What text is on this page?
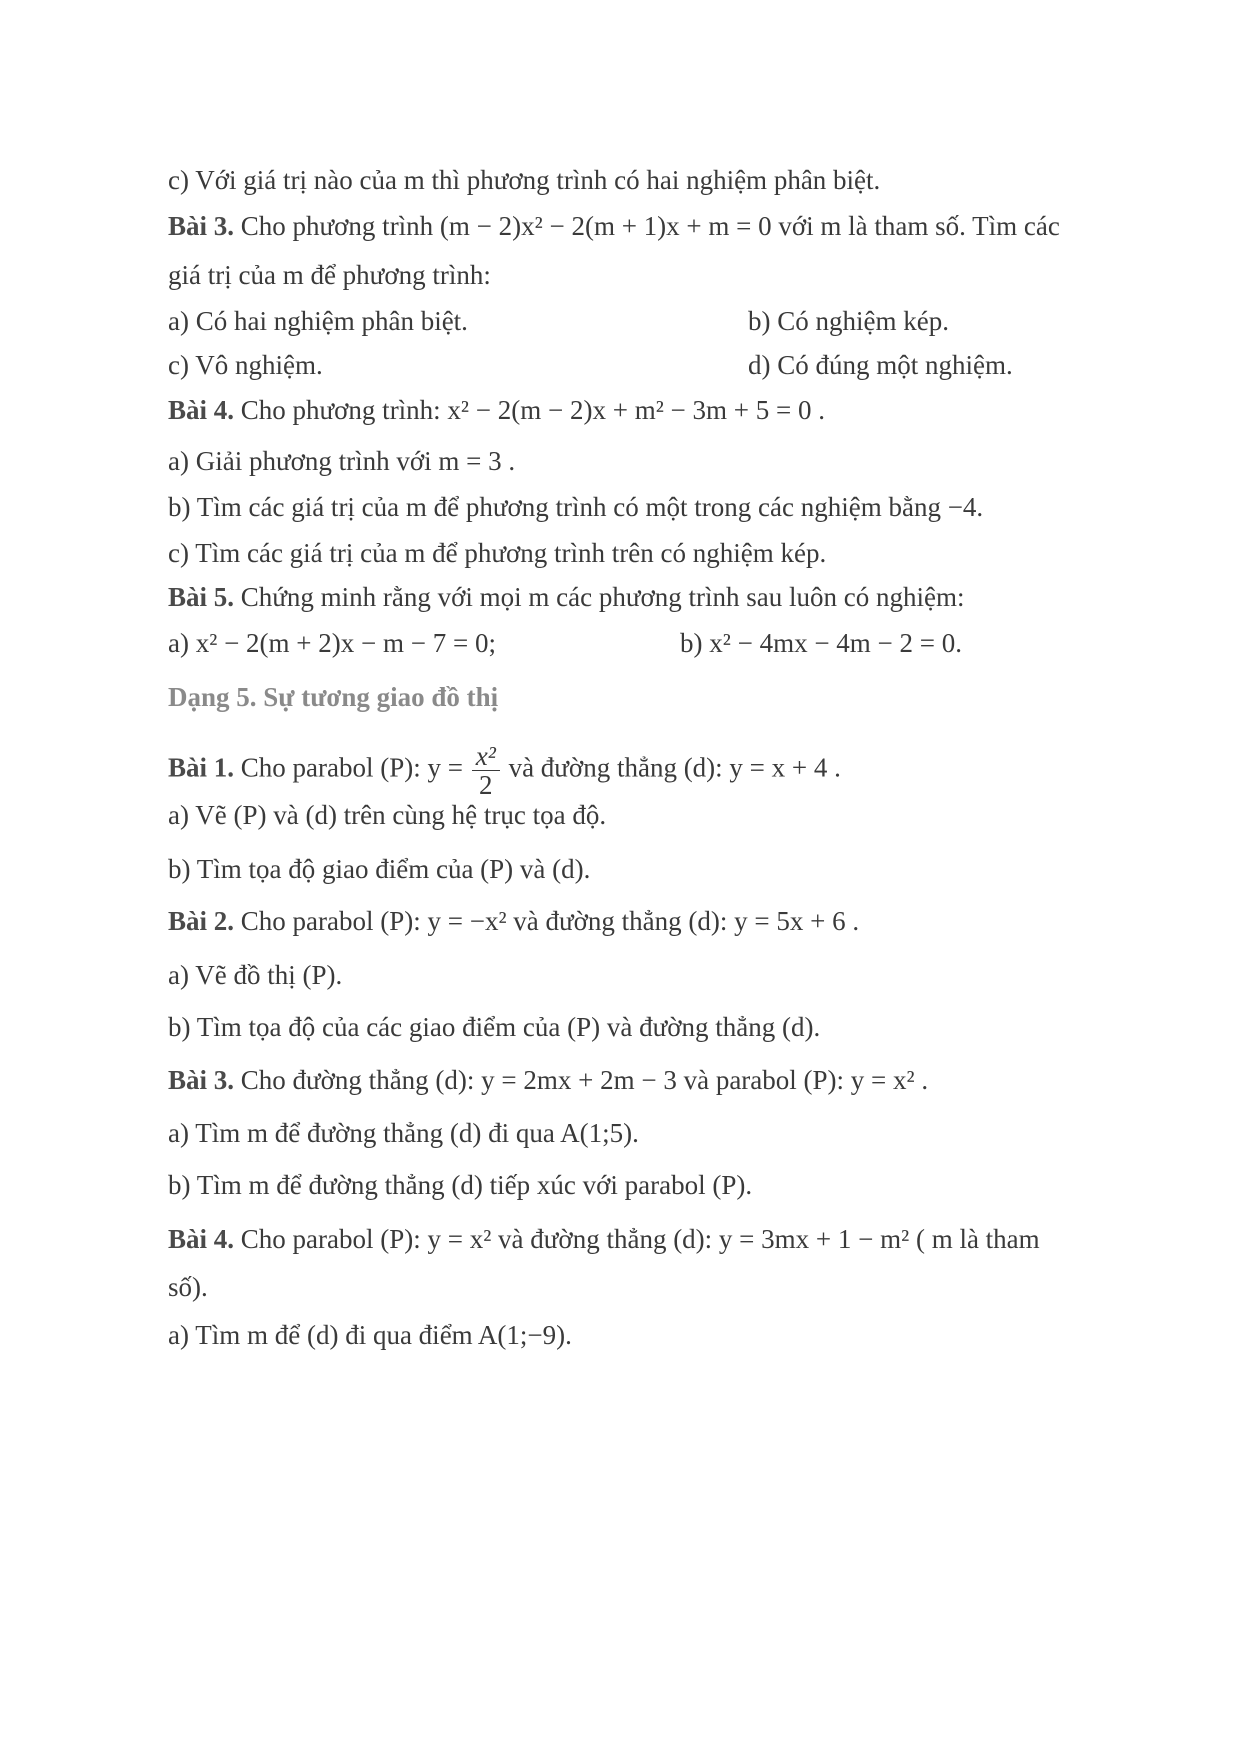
c) Với giá trị nào của m thì phương trình có hai nghiệm phân biệt.
Bài 3. Cho phương trình (m − 2)x² − 2(m + 1)x + m = 0 với m là tham số. Tìm các
giá trị của m để phương trình:
a) Có hai nghiệm phân biệt.	b) Có nghiệm kép.
c) Vô nghiệm.	d) Có đúng một nghiệm.
Bài 4. Cho phương trình: x² − 2(m − 2)x + m² − 3m + 5 = 0 .
a) Giải phương trình với m = 3 .
b) Tìm các giá trị của m để phương trình có một trong các nghiệm bằng −4.
c) Tìm các giá trị của m để phương trình trên có nghiệm kép.
Bài 5. Chứng minh rằng với mọi m các phương trình sau luôn có nghiệm:
a) x² − 2(m + 2)x − m − 7 = 0;	b) x² − 4mx − 4m − 2 = 0.
Dạng 5. Sự tương giao đồ thị
Bài 1. Cho parabol (P): $y = \frac{\text{x²}}{2}$ và đường thẳng (d): y = x + 4 .
a) Vẽ (P) và (d) trên cùng hệ trục tọa độ.
b) Tìm tọa độ giao điểm của (P) và (d).
Bài 2. Cho parabol (P): y = −x² và đường thẳng (d): y = 5x + 6 .
a) Vẽ đồ thị (P).
b) Tìm tọa độ của các giao điểm của (P) và đường thẳng (d).
Bài 3. Cho đường thẳng (d): y = 2mx + 2m − 3 và parabol (P): y = x² .
a) Tìm m để đường thẳng (d) đi qua A(1;5).
b) Tìm m để đường thẳng (d) tiếp xúc với parabol (P).
Bài 4. Cho parabol (P): y = x² và đường thẳng (d): y = 3mx + 1 − m² ( m là tham
số).
a) Tìm m để (d) đi qua điểm A(1;−9).
